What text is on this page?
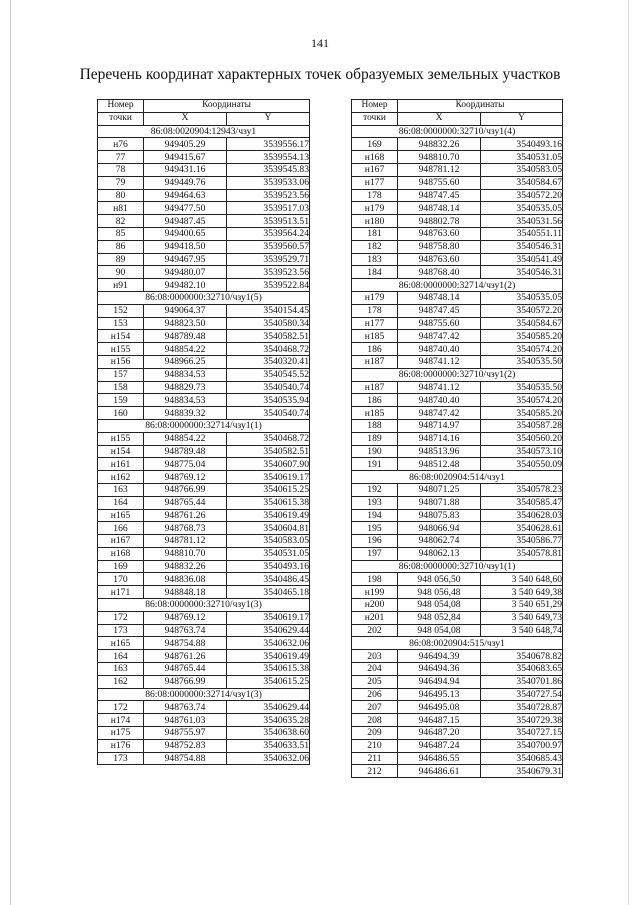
141
Перечень координат характерных точек образуемых земельных участков
Номер	Координаты	
точки	X	Y
86:08:0020904:12943/чзу1		
н76	949405.29	3539556.17
77	949415.67	3539554.13
78	949431.16	3539545.83
79	949449.76	3539533.06
80	949464.63	3539523.56
н81	949477.50	3539517.03
82	949487.45	3539513.51
85	949400.65	3539564.24
86	949418.50	3539560.57
89	949467.95	3539529.71
90	949480.07	3539523.56
н91	949482.10	3539522.84
86:08:0000000:32710/чзу1(5)		
152	949064.37	3540154.45
153	948823.50	3540580.34
н154	948789.48	3540582.51
н155	948854.22	3540468.72
н156	948966.25	3540320.41
157	948834.53	3540545.52
158	948829.73	3540540.74
159	948834.53	3540535.94
160	948839.32	3540540.74
86:08:0000000:32714/чзу1(1)		
н155	948854.22	3540468.72
н154	948789.48	3540582.51
н161	948775.04	3540607.90
н162	948769.12	3540619.17
163	948766.99	3540615.25
164	948765.44	3540615.38
н165	948761.26	3540619.49
166	948768.73	3540604.81
н167	948781.12	3540583.05
н168	948810.70	3540531.05
169	948832.26	3540493.16
170	948836.08	3540486.45
н171	948848.18	3540465.18
86:08:0000000:32710/чзу1(3)		
172	948769.12	3540619.17
173	948763.74	3540629.44
н165	948754.88	3540632.06
164	948761.26	3540619.49
163	948765.44	3540615.38
162	948766.99	3540615.25
86:08:0000000:32714/чзу1(3)		
172	948763.74	3540629.44
н174	948761.03	3540635.28
н175	948755.97	3540638.60
н176	948752.83	3540633.51
173	948754.88	3540632.06
Номер	Координаты	
точки	X	Y
86:08:0000000:32710/чзу1(4)		
169	948832.26	3540493.16
н168	948810.70	3540531.05
н167	948781.12	3540583.05
н177	948755.60	3540584.67
178	948747.45	3540572.20
н179	948748.14	3540535.05
н180	948802.78	3540531.56
181	948763.60	3540551.11
182	948758.80	3540546.31
183	948763.60	3540541.49
184	948768.40	3540546.31
86:08:0000000:32714/чзу1(2)		
н179	948748.14	3540535.05
178	948747.45	3540572.20
н177	948755.60	3540584.67
н185	948747.42	3540585.20
186	948740.40	3540574.20
н187	948741.12	3540535.50
86:08:0000000:32710/чзу1(2)		
н187	948741.12	3540535.50
186	948740.40	3540574.20
н185	948747.42	3540585.20
188	948714.97	3540587.28
189	948714.16	3540560.20
190	948513.96	3540573.10
191	948512.48	3540550.09
86:08:0020904:514/чзу1		
192	948071.25	3540578.23
193	948071.88	3540585.47
194	948075.83	3540628.03
195	948066.94	3540628.61
196	948062.74	3540586.77
197	948062.13	3540578.81
86:08:0000000:32710/чзу1(1)		
198	948 056,50	3 540 648,60
н199	948 056,48	3 540 649,38
н200	948 054,08	3 540 651,29
н201	948 052,84	3 540 649,73
202	948 054,08	3 540 648,74
86:08:0020904:515/чзу1		
203	946494.39	3540678.82
204	946494.36	3540683.65
205	946494.94	3540701.86
206	946495.13	3540727.54
207	946495.08	3540728.87
208	946487.15	3540729.38
209	946487.20	3540727.15
210	946487.24	3540700.97
211	946486.55	3540685.43
212	946486.61	3540679.31
